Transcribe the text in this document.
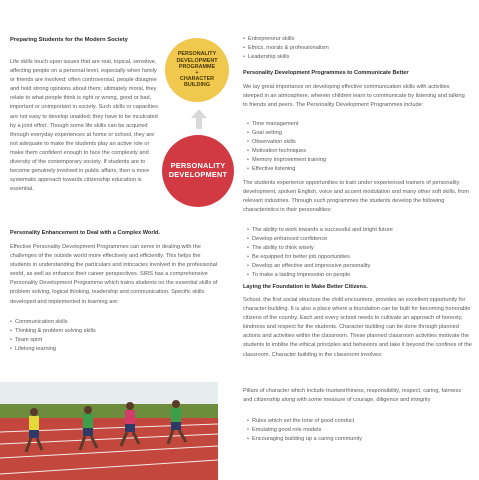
Preparing Students for the Modern Society

Life skills touch upon issues that are real, topical, sensitive, affecting people on a personal level, especially when family or friends are involved; often controversial, people disagree and hold strong opinions about them; ultimately moral, they relate to what people think is right or wrong, good or bad, important or unimportant in society. Such skills or capacities are not easy to develop unaided; they have to be inculcated by a joint effort. Though some life skills can be acquired through everyday experiences at home or school, they are not adequate to make the students play an active role or make them confident enough to face the complexity and diversity of the contemporary society. If students are to become genuinely involved in public affairs, then a more systematic approach towards citizenship education is essential.

Personality Enhancement to Deal with a Complex World.

Effective Personality Development Programmes can serve in dealing with the challenges of the outside world more effectively and efficiently. This helps the students in understanding the particulars and intricacies involved in the professional world, as well as enhance their career perspectives. SIRS has a comprehensive Personality Development Programme which trains students on the essential skills of problem solving, logical thinking, leadership and communication. Specific skills developed and implemented in learning are:

• Communication skills
• Thinking & problem solving skills
• Team spirit
• Lifelong learning
PERSONALITY
DEVELOPMENT
PROGRAMME
+
CHARACTER
BUILDING
PERSONALITY
DEVELOPMENT
• Entrepreneur skills
• Ethics, morals & professionalism
• Leadership skills

Personality Development Programmes to Communicate Better

We lay great importance on developing effective communication skills with activities steeped in an atmosphere, wherein children learn to communicate by listening and talking to friends and peers. The Personality Development Programmes include:

• Time management
• Goal setting
• Observation skills
• Motivation techniques
• Memory improvement training
• Effective listening

The students experience opportunities to train under experienced trainers of personality development, spoken English, voice and accent modulation and many other soft skills, from relevant industries. Through such programmes the students develop the following characteristics in their personalities:

• The ability to work towards a successful and bright future
• Develop enhanced confidence
• The ability to think wisely
• Be equipped for better job opportunities
• Develop an effective and impressive personality
• To make a lasting impression on people

Laying the Foundation to Make Better Citizens.

School, the first social structure the child encounters, provides an excellent opportunity for character-building. It is also a place where a foundation can be built for becoming honorable citizens of the country. Each and every school needs to cultivate an approach of honesty, kindness and respect for the students. Character building can be done through planned actions and activities within the classroom. These planned classroom activities motivate the students to imbibe the ethical principles and behaviors and take it beyond the confines of the classroom. Character building in the classroom involves:

Pillars of character which include trustworthiness, responsibility, respect, caring, fairness and citizenship along with some measure of courage, diligence and integrity

• Rules which set the tone of good conduct
• Emulating good role models
• Encouraging building up a caring community
